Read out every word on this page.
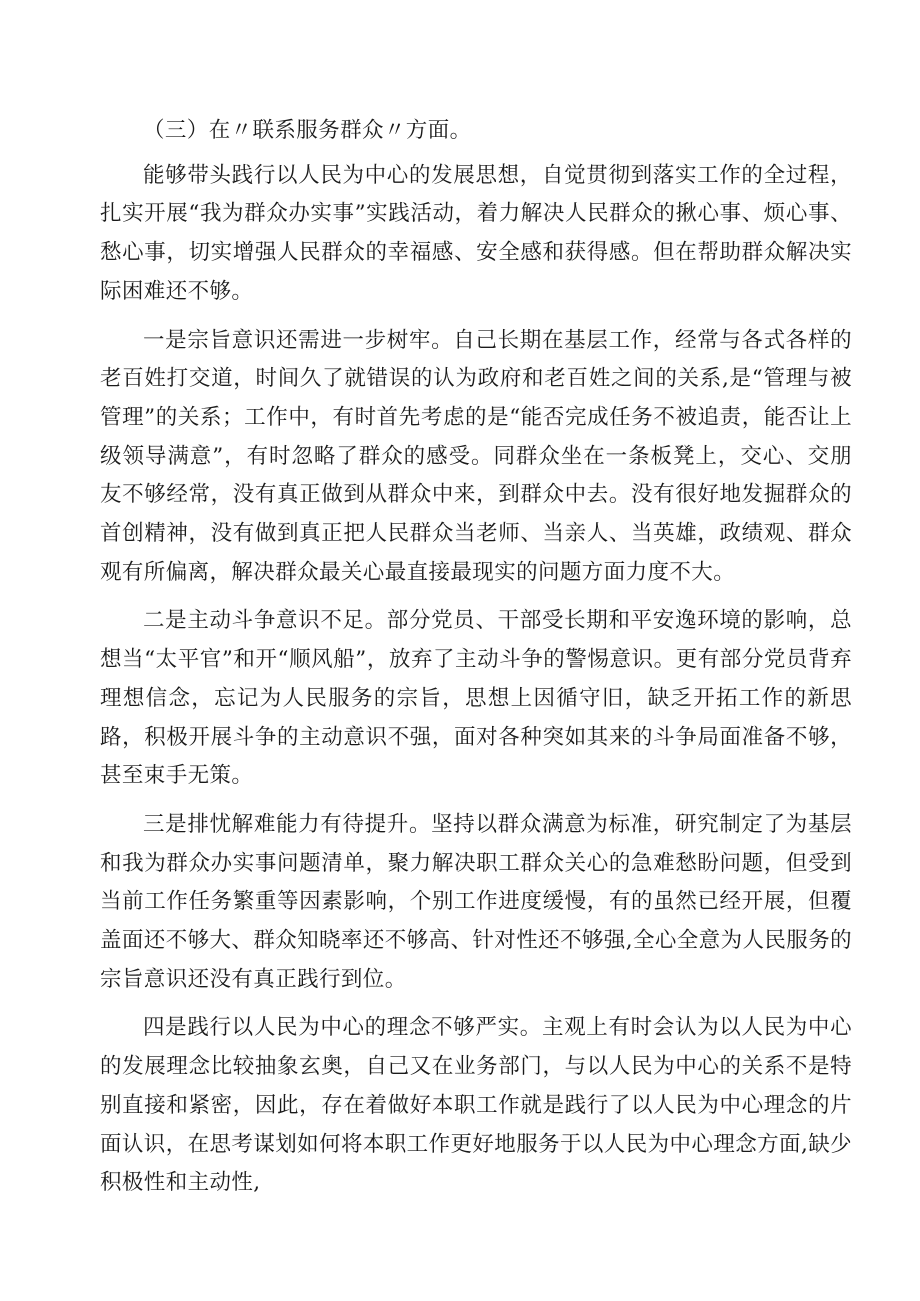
（三）在〃联系服务群众〃方面。

能够带头践行以人民为中心的发展思想，自觉贯彻到落实工作的全过程，扎实开展“我为群众办实事”实践活动，着力解决人民群众的揪心事、烦心事、愁心事，切实增强人民群众的幸福感、安全感和获得感。但在帮助群众解决实际困难还不够。

一是宗旨意识还需进一步树牢。自己长期在基层工作，经常与各式各样的老百姓打交道，时间久了就错误的认为政府和老百姓之间的关系,是“管理与被管理”的关系；工作中，有时首先考虑的是“能否完成任务不被追责，能否让上级领导满意”，有时忽略了群众的感受。同群众坐在一条板凳上，交心、交朋友不够经常，没有真正做到从群众中来，到群众中去。没有很好地发掘群众的首创精神，没有做到真正把人民群众当老师、当亲人、当英雄，政绩观、群众观有所偏离，解决群众最关心最直接最现实的问题方面力度不大。

二是主动斗争意识不足。部分党员、干部受长期和平安逸环境的影响，总想当“太平官”和开“顺风船”，放弃了主动斗争的警惕意识。更有部分党员背弃理想信念，忘记为人民服务的宗旨，思想上因循守旧，缺乏开拓工作的新思路，积极开展斗争的主动意识不强，面对各种突如其来的斗争局面准备不够，甚至束手无策。

三是排忧解难能力有待提升。坚持以群众满意为标准，研究制定了为基层和我为群众办实事问题清单，聚力解决职工群众关心的急难愁盼问题，但受到当前工作任务繁重等因素影响，个别工作进度缓慢，有的虽然已经开展，但覆盖面还不够大、群众知晓率还不够高、针对性还不够强,全心全意为人民服务的宗旨意识还没有真正践行到位。

四是践行以人民为中心的理念不够严实。主观上有时会认为以人民为中心的发展理念比较抽象玄奥，自己又在业务部门，与以人民为中心的关系不是特别直接和紧密，因此，存在着做好本职工作就是践行了以人民为中心理念的片面认识，在思考谋划如何将本职工作更好地服务于以人民为中心理念方面,缺少积极性和主动性,
